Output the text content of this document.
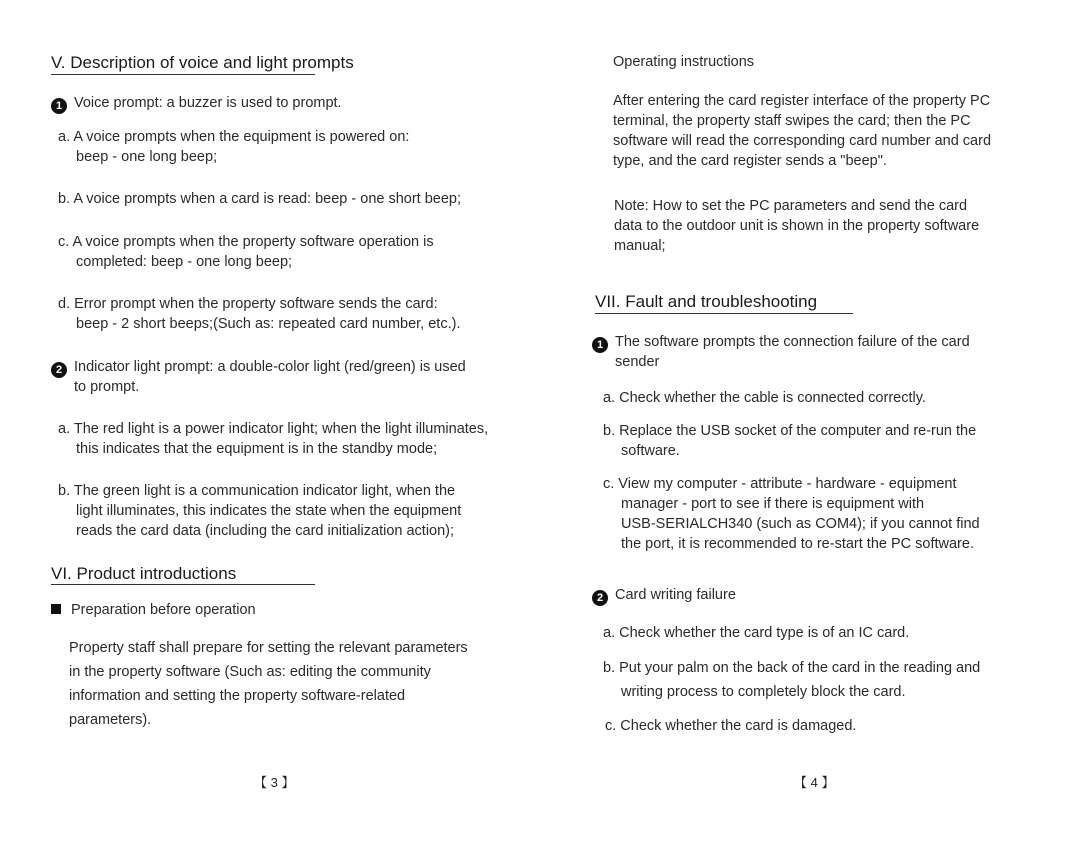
V. Description of voice and light prompts
1 Voice prompt: a buzzer is used to prompt.
a. A voice prompts when the equipment is powered on:
beep - one long beep;
b. A voice prompts when a card is read: beep - one short beep;
c. A voice prompts when the property software operation is
completed: beep - one long beep;
d. Error prompt when the property software sends the card:
beep - 2 short beeps;(Such as: repeated card number, etc.).
2 Indicator light prompt: a double-color light (red/green) is used
to prompt.
a. The red light is a power indicator light; when the light illuminates,
this indicates that the equipment is in the standby mode;
b. The green light is a communication indicator light, when the
light illuminates, this indicates the state when the equipment
reads the card data (including the card initialization action);
VI. Product introductions
Preparation before operation
Property staff shall prepare for setting the relevant parameters
in the property software (Such as: editing the community
information and setting the property software-related
parameters).
【 3 】
Operating instructions
After entering the card register interface of the property PC
terminal, the property staff swipes the card; then the PC
software will read the corresponding card number and card
type, and the card register sends a "beep".
Note: How to set the PC parameters and send the card
data to the outdoor unit is shown in the property software
manual;
VII. Fault and troubleshooting
1 The software prompts the connection failure of the card
sender
a. Check whether the cable is connected correctly.
b. Replace the USB socket of the computer and re-run the
software.
c. View my computer - attribute - hardware - equipment
manager - port to see if there is equipment with
USB-SERIALCH340 (such as COM4); if you cannot find
the port, it is recommended to re-start the PC software.
2 Card writing failure
a. Check whether the card type is of an IC card.
b. Put your palm on the back of the card in the reading and
writing process to completely block the card.
c. Check whether the card is damaged.
【 4 】
